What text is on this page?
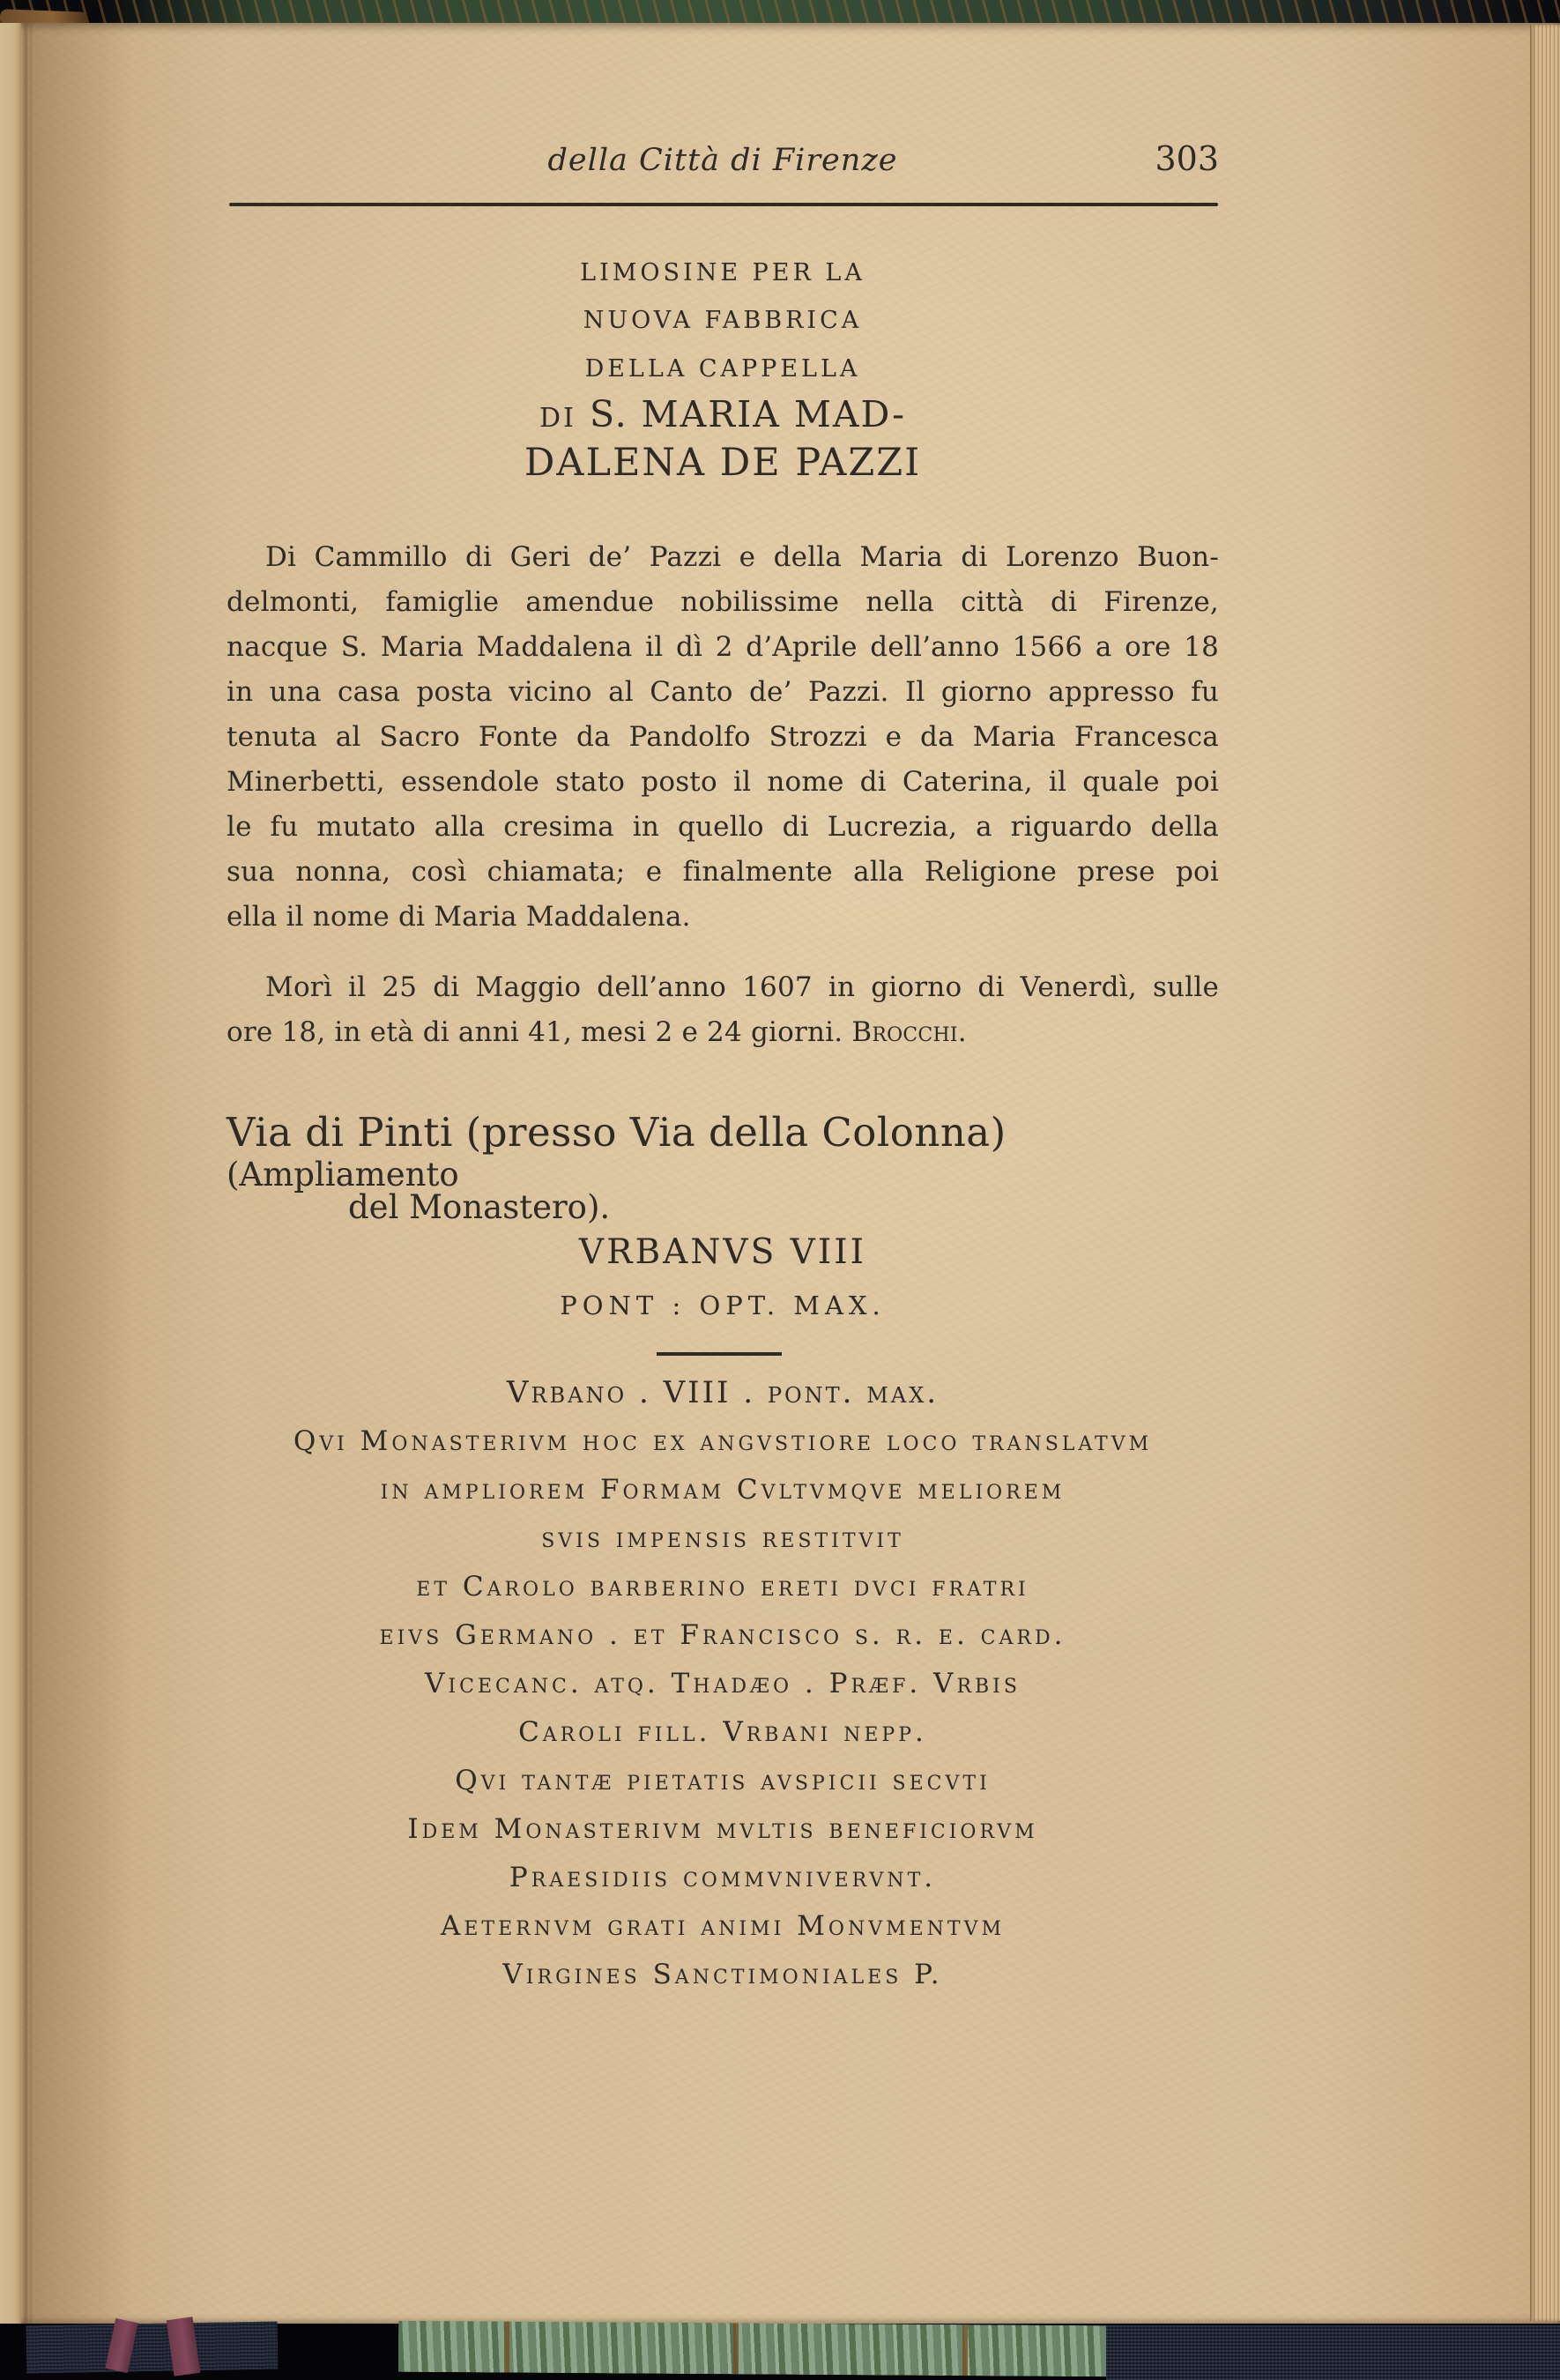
della Città di Firenze	303
LIMOSINE PER LA
NUOVA FABBRICA
DELLA CAPPELLA
DI S. MARIA MAD-
DALENA DE PAZZI
Di Cammillo di Geri de’ Pazzi e della Maria di Lorenzo Buon-
delmonti, famiglie amendue nobilissime nella città di Firenze,
nacque S. Maria Maddalena il dì 2 d’Aprile dell’anno 1566 a ore 18
in una casa posta vicino al Canto de’ Pazzi. Il giorno appresso fu
tenuta al Sacro Fonte da Pandolfo Strozzi e da Maria Francesca
Minerbetti, essendole stato posto il nome di Caterina, il quale poi
le fu mutato alla cresima in quello di Lucrezia, a riguardo della
sua nonna, così chiamata; e finalmente alla Religione prese poi
ella il nome di Maria Maddalena.
Morì il 25 di Maggio dell’anno 1607 in giorno di Venerdì, sulle
ore 18, in età di anni 41, mesi 2 e 24 giorni. Brocchi.
Via di Pinti (presso Via della Colonna) (Ampliamento
del Monastero).
VRBANVS VIII
PONT : OPT. MAX.
Vrbano . VIII . pont. max.
Qvi Monasterivm hoc ex angvstiore loco translatvm
in ampliorem Formam Cvltvmqve meliorem
svis impensis restitvit
et Carolo barberino ereti dvci fratri
eivs Germano . et Francisco s. r. e. card.
Vicecanc. atq. Thadæo . Præf. Vrbis
Caroli fill. Vrbani nepp.
Qvi tantæ pietatis avspicii secvti
Idem Monasterivm mvltis beneficiorvm
Praesidiis commvnivervnt.
Aeternvm grati animi Monvmentvm
Virgines Sanctimoniales P.
